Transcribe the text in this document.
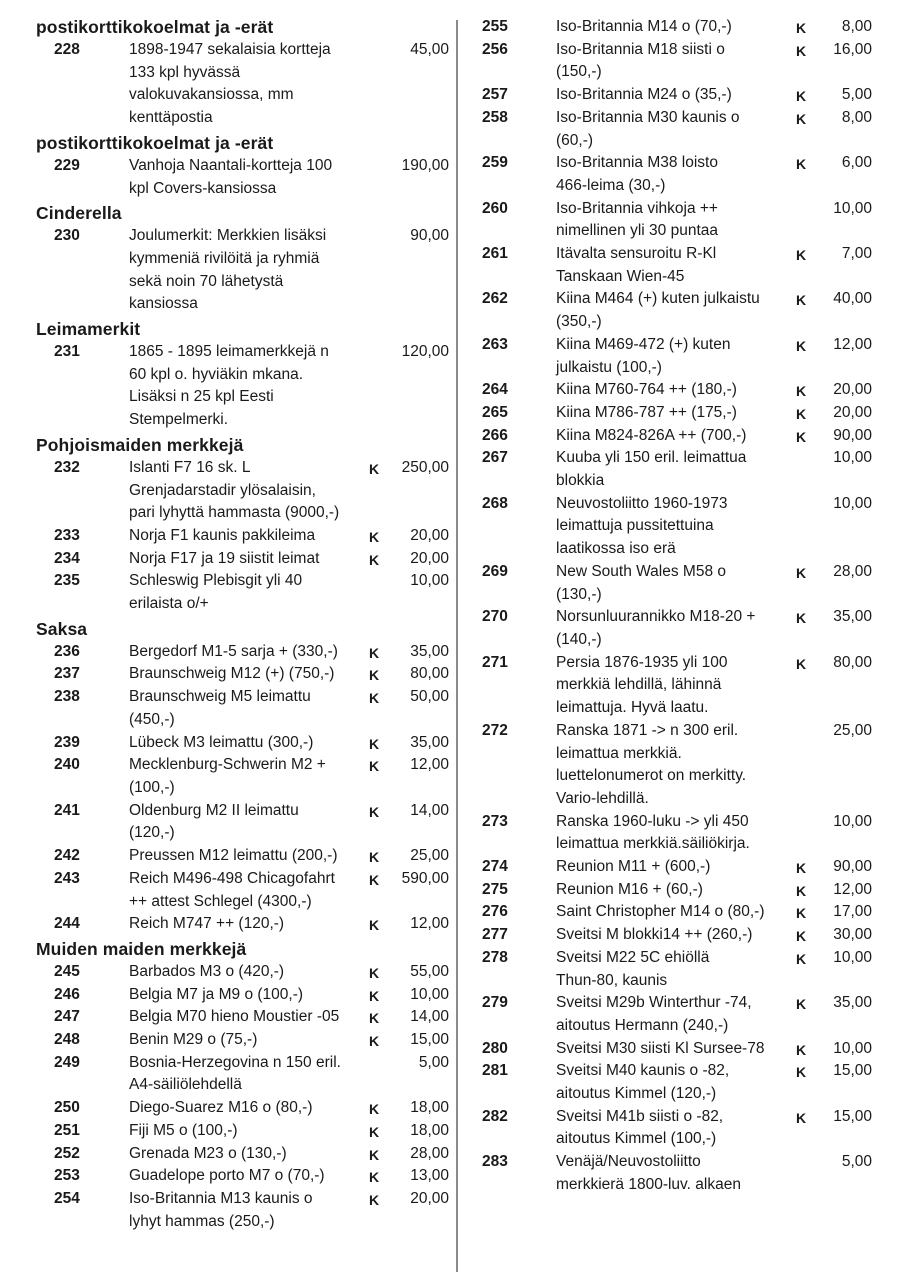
postikorttikokoelmat ja -erät
228	1898-1947 sekalaisia kortteja
133 kpl hyvässä
valokuvakansiossa, mm
kenttäpostia
45,00
postikorttikokoelmat ja -erät
229	Vanhoja Naantali-kortteja 100
kpl Covers-kansiossa
190,00
Cinderella
230	Joulumerkit: Merkkien lisäksi
kymmeniä rivilöitä ja ryhmiä
sekä noin 70 lähetystä
kansiossa
90,00
Leimamerkit
231	1865 - 1895 leimamerkkejä n
60 kpl o. hyviäkin mkana.
Lisäksi n 25 kpl Eesti
Stempelmerki.
120,00
Pohjoismaiden merkkejä
232	Islanti F7 16 sk. L
Grenjadarstadir ylösalaisin,
pari lyhyttä hammasta (9000,-)
K	250,00
233	Norja F1 kaunis pakkileima	K	20,00
234	Norja F17 ja 19 siistit leimat	K	20,00
235	Schleswig Plebisgit yli 40
erilaista o/+
10,00
Saksa
236	Bergedorf M1-5 sarja + (330,-)	K	35,00
237	Braunschweig M12 (+) (750,-)	K	80,00
238	Braunschweig M5 leimattu
(450,-)
K	50,00
239	Lübeck M3 leimattu (300,-)	K	35,00
240	Mecklenburg-Schwerin M2 +
(100,-)
K	12,00
241	Oldenburg M2 II leimattu
(120,-)
K	14,00
242	Preussen M12 leimattu (200,-)	K	25,00
243	Reich M496-498 Chicagofahrt
++ attest Schlegel (4300,-)
K	590,00
244	Reich M747 ++ (120,-)	K	12,00
Muiden maiden merkkejä
245	Barbados M3 o (420,-)	K	55,00
246	Belgia M7 ja M9 o (100,-)	K	10,00
247	Belgia M70 hieno Moustier -05	K	14,00
248	Benin M29 o (75,-)	K	15,00
249	Bosnia-Herzegovina n 150 eril.
A4-säiliölehdellä
5,00
250	Diego-Suarez M16 o (80,-)	K	18,00
251	Fiji M5 o (100,-)	K	18,00
252	Grenada M23 o (130,-)	K	28,00
253	Guadelope porto M7 o (70,-)	K	13,00
254	Iso-Britannia M13 kaunis o
lyhyt hammas (250,-)
K	20,00
255	Iso-Britannia M14 o (70,-)	K	8,00
256	Iso-Britannia M18 siisti o
(150,-)
K	16,00
257	Iso-Britannia M24 o (35,-)	K	5,00
258	Iso-Britannia M30 kaunis o
(60,-)
K	8,00
259	Iso-Britannia M38 loisto
466-leima (30,-)
K	6,00
260	Iso-Britannia vihkoja ++
nimellinen yli 30 puntaa
10,00
261	Itävalta sensuroitu R-Kl
Tanskaan Wien-45
K	7,00
262	Kiina M464 (+) kuten julkaistu
(350,-)
K	40,00
263	Kiina M469-472 (+) kuten
julkaistu (100,-)
K	12,00
264	Kiina M760-764 ++ (180,-)	K	20,00
265	Kiina M786-787 ++ (175,-)	K	20,00
266	Kiina M824-826A ++ (700,-)	K	90,00
267	Kuuba yli 150 eril. leimattua
blokkia
10,00
268	Neuvostoliitto 1960-1973
leimattuja pussitettuina
laatikossa iso erä
10,00
269	New South Wales M58 o
(130,-)
K	28,00
270	Norsunluurannikko M18-20 +
(140,-)
K	35,00
271	Persia 1876-1935 yli 100
merkkiä lehdillä, lähinnä
leimattuja. Hyvä laatu.
K	80,00
272	Ranska 1871 -> n 300 eril.
leimattua merkkiä.
luettelonumerot on merkitty.
Vario-lehdillä.
25,00
273	Ranska 1960-luku -> yli 450
leimattua merkkiä.säiliökirja.
10,00
274	Reunion M11 + (600,-)	K	90,00
275	Reunion M16 + (60,-)	K	12,00
276	Saint Christopher M14 o (80,-)	K	17,00
277	Sveitsi M blokki14 ++ (260,-)	K	30,00
278	Sveitsi M22 5C ehiöllä
Thun-80, kaunis
K	10,00
279	Sveitsi M29b Winterthur -74,
aitoutus Hermann (240,-)
K	35,00
280	Sveitsi M30 siisti Kl Sursee-78	K	10,00
281	Sveitsi M40 kaunis o -82,
aitoutus Kimmel (120,-)
K	15,00
282	Sveitsi M41b siisti o -82,
aitoutus Kimmel (100,-)
K	15,00
283	Venäjä/Neuvostoliitto
merkkierä 1800-luv. alkaen
5,00
